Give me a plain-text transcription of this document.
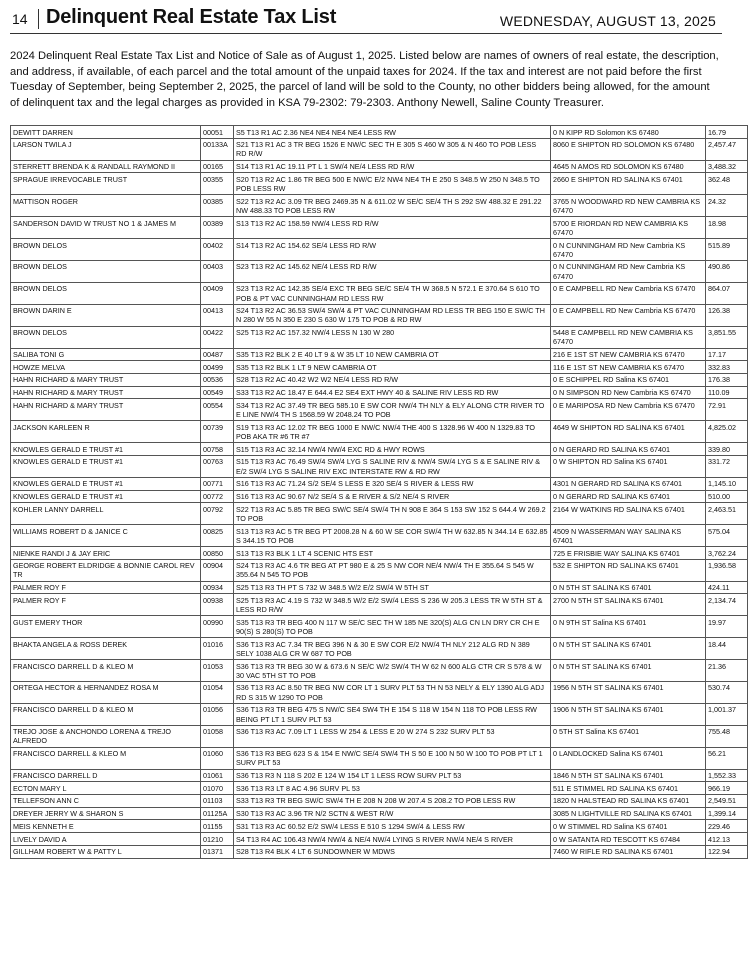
14 Delinquent Real Estate Tax List	WEDNESDAY, AUGUST 13, 2025

2024 Delinquent Real Estate Tax List and Notice of Sale as of August 1, 2025. Listed below are names of owners of real estate, the description, and address, if available, of each parcel and the total amount of the unpaid taxes for 2024. If the tax and interest are not paid before the first Tuesday of September, being September 2, 2025, the parcel of land will be sold to the County, no other bidders being allowed, for the amount of delinquent tax and the legal charges as provided in KSA 79-2302: 79-2303. Anthony Newell, Saline County Treasurer.

DEWITT DARREN	00051	S5 T13 R1 AC 2.36 NE4 NE4 NE4 NE4 LESS RW	0 N KIPP RD Solomon KS 67480	16.79
LARSON TWILA J	00133A	S21 T13 R1 AC 3 TR BEG 1526 E NW/C SEC TH E 305 S 460 W 305 & N 460 TO POB LESS RD R/W	8060 E SHIPTON RD SOLOMON KS 67480	2,457.47
STERRETT BRENDA K & RANDALL RAYMOND II	00165	S14 T13 R1 AC 19.11 PT L 1 SW/4 NE/4 LESS RD R/W	4645 N AMOS RD SOLOMON KS 67480	3,488.32
SPRAGUE IRREVOCABLE TRUST	00355	S20 T13 R2 AC 1.86 TR BEG 500 E NW/C E/2 NW4 NE4 TH E 250 S 348.5 W 250 N 348.5 TO POB LESS RW	2660 E SHIPTON RD SALINA KS 67401	362.48
MATTISON ROGER	00385	S22 T13 R2 AC 3.09 TR BEG 2469.35 N & 611.02 W SE/C SE/4 TH S 292 SW 488.32 E 291.22 NW 488.33 TO POB LESS RW	3765 N WOODWARD RD NEW CAMBRIA KS 67470	24.32
SANDERSON DAVID W TRUST NO 1 & JAMES M	00389	S13 T13 R2 AC 158.59 NW/4 LESS RD R/W	5700 E RIORDAN RD NEW CAMBRIA KS 67470	18.98
BROWN DELOS	00402	S14 T13 R2 AC 154.62 SE/4 LESS RD R/W	0 N CUNNINGHAM RD New Cambria KS 67470	515.89
BROWN DELOS	00403	S23 T13 R2 AC 145.62 NE/4 LESS RD R/W	0 N CUNNINGHAM RD New Cambria KS 67470	490.86
BROWN DELOS	00409	S23 T13 R2 AC 142.35 SE/4 EXC TR BEG SE/C SE/4 TH W 368.5 N 572.1 E 370.64 S 610 TO POB & PT VAC CUNNINGHAM RD LESS RW	0 E CAMPBELL RD New Cambria KS 67470	864.07
BROWN DARIN E	00413	S24 T13 R2 AC 36.53 SW/4 SW/4 & PT VAC CUNNINGHAM RD LESS TR BEG 150 E SW/C TH N 280 W 55 N 350 E 230 S 630 W 175 TO POB & RD RW	0 E CAMPBELL RD New Cambria KS 67470	126.38
BROWN DELOS	00422	S25 T13 R2 AC 157.32 NW/4 LESS N 130 W 280	5448 E CAMPBELL RD NEW CAMBRIA KS 67470	3,851.55
SALIBA TONI G	00487	S35 T13 R2 BLK 2 E 40 LT 9 & W 35 LT 10 NEW CAMBRIA OT	216 E 1ST ST NEW CAMBRIA KS 67470	17.17
HOWZE MELVA	00499	S35 T13 R2 BLK 1 LT 9 NEW CAMBRIA OT	116 E 1ST ST NEW CAMBRIA KS 67470	332.83
HAHN RICHARD & MARY TRUST	00536	S28 T13 R2 AC 40.42 W2 W2 NE/4 LESS RD R/W	0 E SCHIPPEL RD Salina KS 67401	176.38
HAHN RICHARD & MARY TRUST	00549	S33 T13 R2 AC 18.47 E 644.4 E2 SE4 EXT HWY 40 & SALINE RIV LESS RD RW	0 N SIMPSON RD New Cambria KS 67470	110.09
HAHN RICHARD & MARY TRUST	00554	S34 T13 R2 AC 37.49 TR BEG 585.10 E SW COR NW/4 TH NLY & ELY ALONG CTR RIVER TO E LINE NW/4 TH S 1568.59 W 2048.24 TO POB	0 E MARIPOSA RD New Cambria KS 67470	72.91
JACKSON KARLEEN R	00739	S19 T13 R3 AC 12.02 TR BEG 1000 E NW/C NW/4 THE 400 S 1328.96 W 400 N 1329.83 TO POB AKA TR #6 TR #7	4649 W SHIPTON RD SALINA KS 67401	4,825.02
KNOWLES GERALD E TRUST #1	00758	S15 T13 R3 AC 32.14 NW/4 NW/4 EXC RD & HWY ROWS	0 N GERARD RD SALINA KS 67401	339.80
KNOWLES GERALD E TRUST #1	00763	S15 T13 R3 AC 76.49 SW/4 SW/4 LYG S SALINE RIV & NW/4 SW/4 LYG S & E SALINE RIV & E/2 SW/4 LYG S SALINE RIV EXC INTERSTATE RW & RD RW	0 W SHIPTON RD Salina KS 67401	331.72
KNOWLES GERALD E TRUST #1	00771	S16 T13 R3 AC 71.24 S/2 SE/4 S LESS E 320 SE/4 S RIVER & LESS RW	4301 N GERARD RD SALINA KS 67401	1,145.10
KNOWLES GERALD E TRUST #1	00772	S16 T13 R3 AC 90.67 N/2 SE/4 S & E RIVER & S/2 NE/4 S RIVER	0 N GERARD RD SALINA KS 67401	510.00
KOHLER LANNY DARRELL	00792	S22 T13 R3 AC 5.85 TR BEG SW/C SE/4 SW/4 TH N 908 E 364 S 153 SW 152 S 644.4 W 269.2 TO POB	2164 W WATKINS RD SALINA KS 67401	2,463.51
WILLIAMS ROBERT D & JANICE C	00825	S13 T13 R3 AC 5 TR BEG PT 2008.28 N & 60 W SE COR SW/4 TH W 632.85 N 344.14 E 632.85 S 344.15 TO POB	4509 N WASSERMAN WAY SALINA KS 67401	575.04
NIENKE RANDI J & JAY ERIC	00850	S13 T13 R3 BLK 1 LT 4 SCENIC HTS EST	725 E FRISBIE WAY SALINA KS 67401	3,762.24
GEORGE ROBERT ELDRIDGE & BONNIE CAROL REV TR	00904	S24 T13 R3 AC 4.6 TR BEG AT PT 980 E & 25 S NW COR NE/4 NW/4 TH E 355.64 S 545 W 355.64 N 545 TO POB	532 E SHIPTON RD SALINA KS 67401	1,936.58
PALMER ROY F	00934	S25 T13 R3 TH PT S 732 W 348.5 W/2 E/2 SW/4 W 5TH ST	0 N 5TH ST SALINA KS 67401	424.11
PALMER ROY F	00938	S25 T13 R3 AC 4.19 S 732 W 348.5 W/2 E/2 SW/4 LESS S 236 W 205.3 LESS TR W 5TH ST & LESS RD R/W	2700 N 5TH ST SALINA KS 67401	2,134.74
GUST EMERY THOR	00990	S35 T13 R3 TR BEG 400 N 117 W SE/C SEC TH W 185 NE 320(S) ALG CN LN DRY CR CH E 90(S) S 280(S) TO POB	0 N 9TH ST Salina KS 67401	19.97
BHAKTA ANGELA & ROSS DEREK	01016	S36 T13 R3 AC 7.34 TR BEG 396 N & 30 E SW COR E/2 NW/4 TH NLY 212 ALG RD N 389 SELY 1038 ALG CR W 687 TO POB	0 N 5TH ST SALINA KS 67401	18.44
FRANCISCO DARRELL D & KLEO M	01053	S36 T13 R3 TR BEG 30 W & 673.6 N SE/C W/2 SW/4 TH W 62 N 600 ALG CTR CR S 578 & W 30 VAC 5TH ST TO POB	0 N 5TH ST SALINA KS 67401	21.36
ORTEGA HECTOR & HERNANDEZ ROSA M	01054	S36 T13 R3 AC 8.50 TR BEG NW COR LT 1 SURV PLT 53 TH N 53 NELY & ELY 1390 ALG ADJ RD S 315 W 1290 TO POB	1956 N 5TH ST SALINA KS 67401	530.74
FRANCISCO DARRELL D & KLEO M	01056	S36 T13 R3 TR BEG 475 S NW/C SE4 SW4 TH E 154 S 118 W 154 N 118 TO POB LESS RW BEING PT LT 1 SURV PLT 53	1906 N 5TH ST SALINA KS 67401	1,001.37
TREJO JOSE & ANCHONDO LORENA & TREJO ALFREDO	01058	S36 T13 R3 AC 7.09 LT 1 LESS W 254 & LESS E 20 W 274 S 232 SURV PLT 53	0 5TH ST Salina KS 67401	755.48
FRANCISCO DARRELL & KLEO M	01060	S36 T13 R3 BEG 623 S & 154 E NW/C SE/4 SW/4 TH S 50 E 100 N 50 W 100 TO POB PT LT 1 SURV PLT 53	0 LANDLOCKED Salina KS 67401	56.21
FRANCISCO DARRELL D	01061	S36 T13 R3 N 118 S 202 E 124 W 154 LT 1 LESS ROW SURV PLT 53	1846 N 5TH ST SALINA KS 67401	1,552.33
ECTON MARY L	01070	S36 T13 R3 LT 8 AC 4.96 SURV PL 53	511 E STIMMEL RD SALINA KS 67401	966.19
TELLEFSON ANN C	01103	S33 T13 R3 TR BEG SW/C SW/4 TH E 208 N 208 W 207.4 S 208.2 TO POB LESS RW	1820 N HALSTEAD RD SALINA KS 67401	2,549.51
DREYER JERRY W & SHARON S	01125A	S30 T13 R3 AC 3.96 TR N/2 SCTN & WEST R/W	3085 N LIGHTVILLE RD SALINA KS 67401	1,399.14
MEIS KENNETH E	01155	S31 T13 R3 AC 60.52 E/2 SW/4 LESS E 510 S 1294 SW/4 & LESS RW	0 W STIMMEL RD Salina KS 67401	229.46
LIVELY DAVID A	01210	S4 T13 R4 AC 106.43 NW/4 NW/4 & NE/4 NW/4 LYING S RIVER NW/4 NE/4 S RIVER	0 W SATANTA RD TESCOTT KS 67484	412.13
GILLHAM ROBERT W & PATTY L	01371	S28 T13 R4 BLK 4 LT 6 SUNDOWNER W MDWS	7460 W RIFLE RD SALINA KS 67401	122.94
